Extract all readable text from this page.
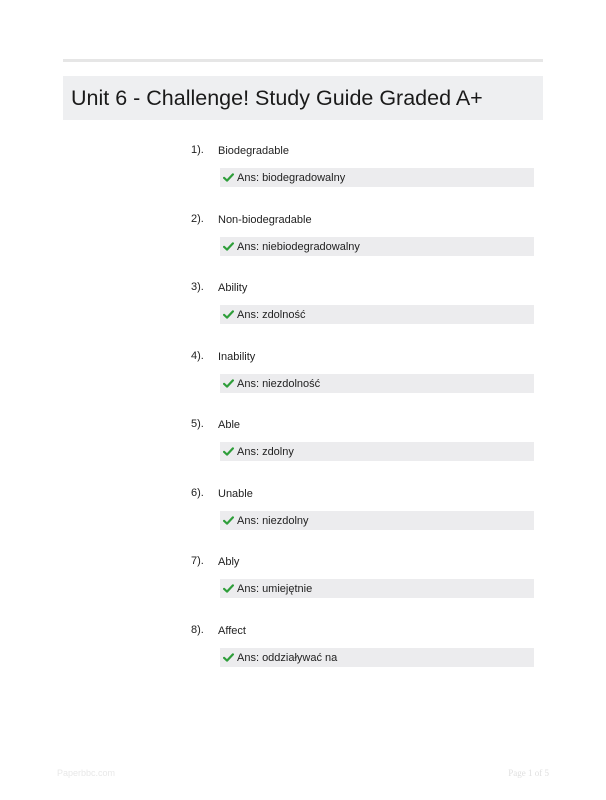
Unit 6 - Challenge! Study Guide Graded A+
1). Biodegradable
Ans: biodegradowalny
2). Non-biodegradable
Ans: niebiodegradowalny
3). Ability
Ans: zdolność
4). Inability
Ans: niezdolność
5). Able
Ans: zdolny
6). Unable
Ans: niezdolny
7). Ably
Ans: umiejętnie
8). Affect
Ans: oddziaływać na
Paperbbc.com	Page 1 of 5
